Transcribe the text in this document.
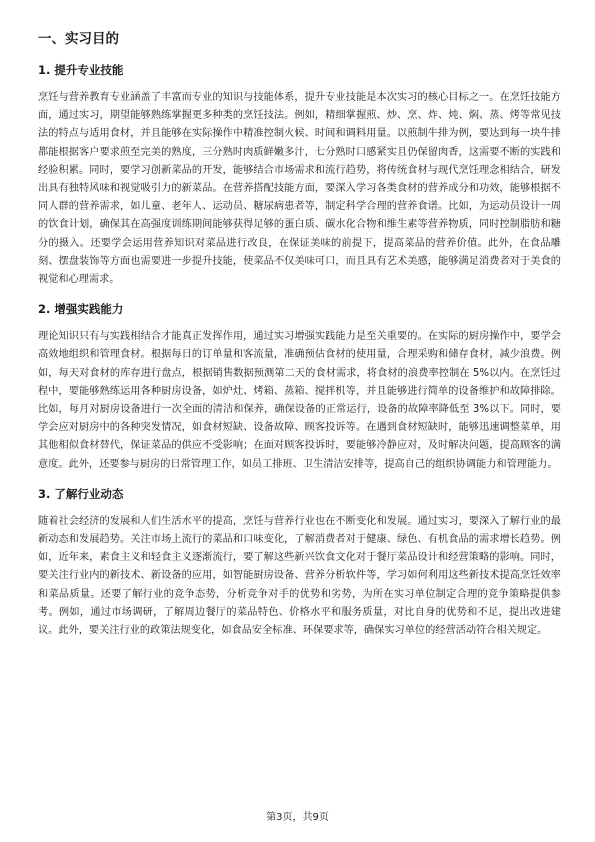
一、实习目的
1. 提升专业技能
烹饪与营养教育专业涵盖了丰富而专业的知识与技能体系，提升专业技能是本次实习的核心目标之一。在烹饪技能方面，通过实习，期望能够熟练掌握更多种类的烹饪技法。例如，精细掌握煎、炒、烹、炸、炖、焖、蒸、烤等常见技法的特点与适用食材，并且能够在实际操作中精准控制火候、时间和调料用量。以煎制牛排为例，要达到每一块牛排都能根据客户要求煎至完美的熟度，三分熟时肉质鲜嫩多汁，七分熟时口感紧实且仍保留肉香，这需要不断的实践和经验积累。同时，要学习创新菜品的开发，能够结合市场需求和流行趋势，将传统食材与现代烹饪理念相结合，研发出具有独特风味和视觉吸引力的新菜品。在营养搭配技能方面，要深入学习各类食材的营养成分和功效，能够根据不同人群的营养需求，如儿童、老年人、运动员、糖尿病患者等，制定科学合理的营养食谱。比如，为运动员设计一周的饮食计划，确保其在高强度训练期间能够获得足够的蛋白质、碳水化合物和维生素等营养物质，同时控制脂肪和糖分的摄入。还要学会运用营养知识对菜品进行改良，在保证美味的前提下，提高菜品的营养价值。此外，在食品雕刻、摆盘装饰等方面也需要进一步提升技能，使菜品不仅美味可口，而且具有艺术美感，能够满足消费者对于美食的视觉和心理需求。
2. 增强实践能力
理论知识只有与实践相结合才能真正发挥作用，通过实习增强实践能力是至关重要的。在实际的厨房操作中，要学会高效地组织和管理食材。根据每日的订单量和客流量，准确预估食材的使用量，合理采购和储存食材，减少浪费。例如，每天对食材的库存进行盘点，根据销售数据预测第二天的食材需求，将食材的浪费率控制在 5%以内。在烹饪过程中，要能够熟练运用各种厨房设备，如炉灶、烤箱、蒸箱、搅拌机等，并且能够进行简单的设备维护和故障排除。比如，每月对厨房设备进行一次全面的清洁和保养，确保设备的正常运行，设备的故障率降低至 3%以下。同时，要学会应对厨房中的各种突发情况，如食材短缺、设备故障、顾客投诉等。在遇到食材短缺时，能够迅速调整菜单，用其他相似食材替代，保证菜品的供应不受影响；在面对顾客投诉时，要能够冷静应对，及时解决问题，提高顾客的满意度。此外，还要参与厨房的日常管理工作，如员工排班、卫生清洁安排等，提高自己的组织协调能力和管理能力。
3. 了解行业动态
随着社会经济的发展和人们生活水平的提高，烹饪与营养行业也在不断变化和发展。通过实习，要深入了解行业的最新动态和发展趋势。关注市场上流行的菜品和口味变化，了解消费者对于健康、绿色、有机食品的需求增长趋势。例如，近年来，素食主义和轻食主义逐渐流行，要了解这些新兴饮食文化对于餐厅菜品设计和经营策略的影响。同时，要关注行业内的新技术、新设备的应用，如智能厨房设备、营养分析软件等，学习如何利用这些新技术提高烹饪效率和菜品质量。还要了解行业的竞争态势，分析竞争对手的优势和劣势，为所在实习单位制定合理的竞争策略提供参考。例如，通过市场调研，了解周边餐厅的菜品特色、价格水平和服务质量，对比自身的优势和不足，提出改进建议。此外，要关注行业的政策法规变化，如食品安全标准、环保要求等，确保实习单位的经营活动符合相关规定。
第3页，共9页
